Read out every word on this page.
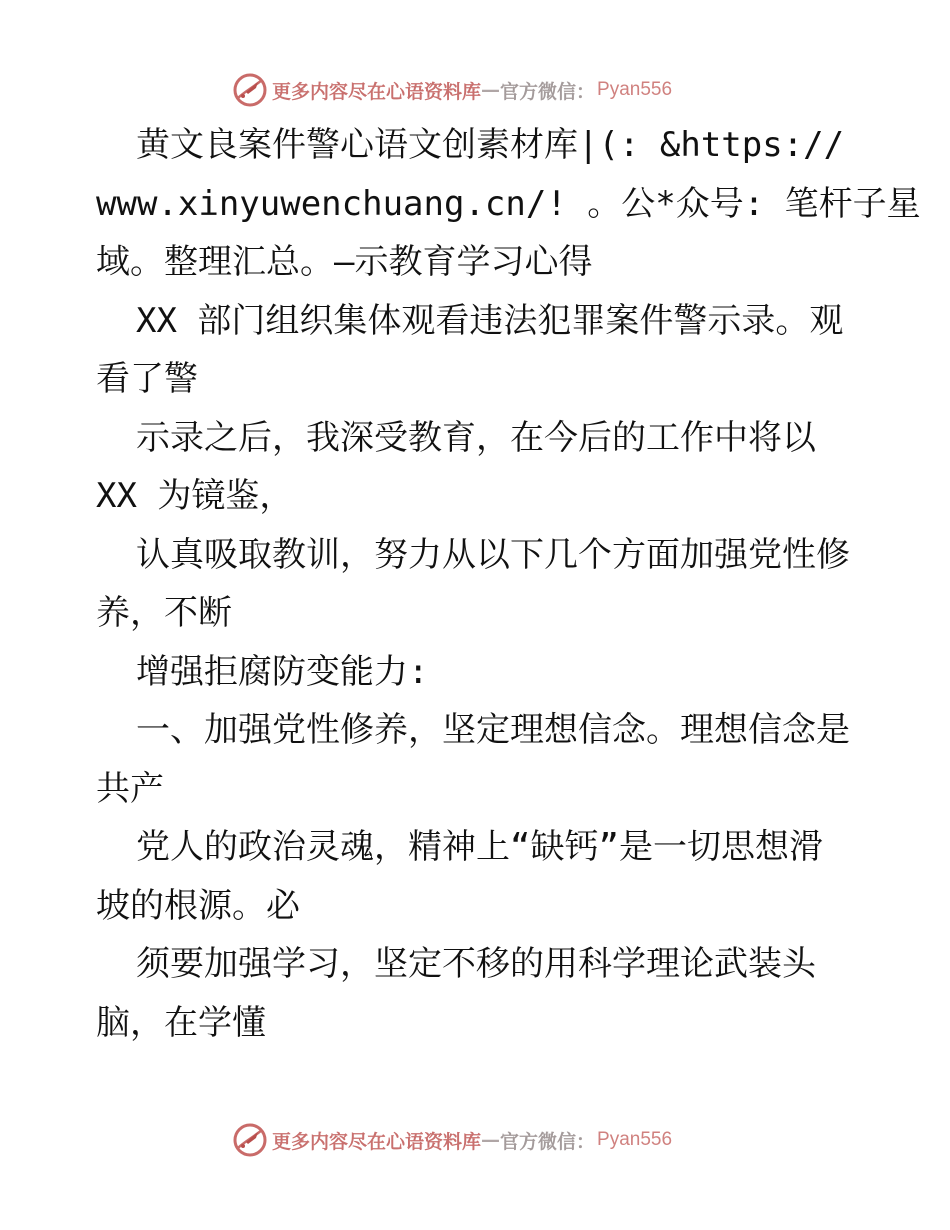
更多内容尽在心语资料库 — 官方微信： Pyan556
黄文良案件警心语文创素材库|(: &https://
www.xinyuwenchuang.cn/! 。公*众号: 笔杆子星
域。整理汇总。—示教育学习心得
XX 部门组织集体观看违法犯罪案件警示录。观
看了警
示录之后，我深受教育，在今后的工作中将以
XX 为镜鉴，
认真吸取教训，努力从以下几个方面加强党性修
养，不断
增强拒腐防变能力:
一、加强党性修养，坚定理想信念。理想信念是
共产
党人的政治灵魂，精神上“缺钙”是一切思想滑
坡的根源。必
须要加强学习，坚定不移的用科学理论武装头
脑，在学懂
更多内容尽在心语资料库 — 官方微信： Pyan556
